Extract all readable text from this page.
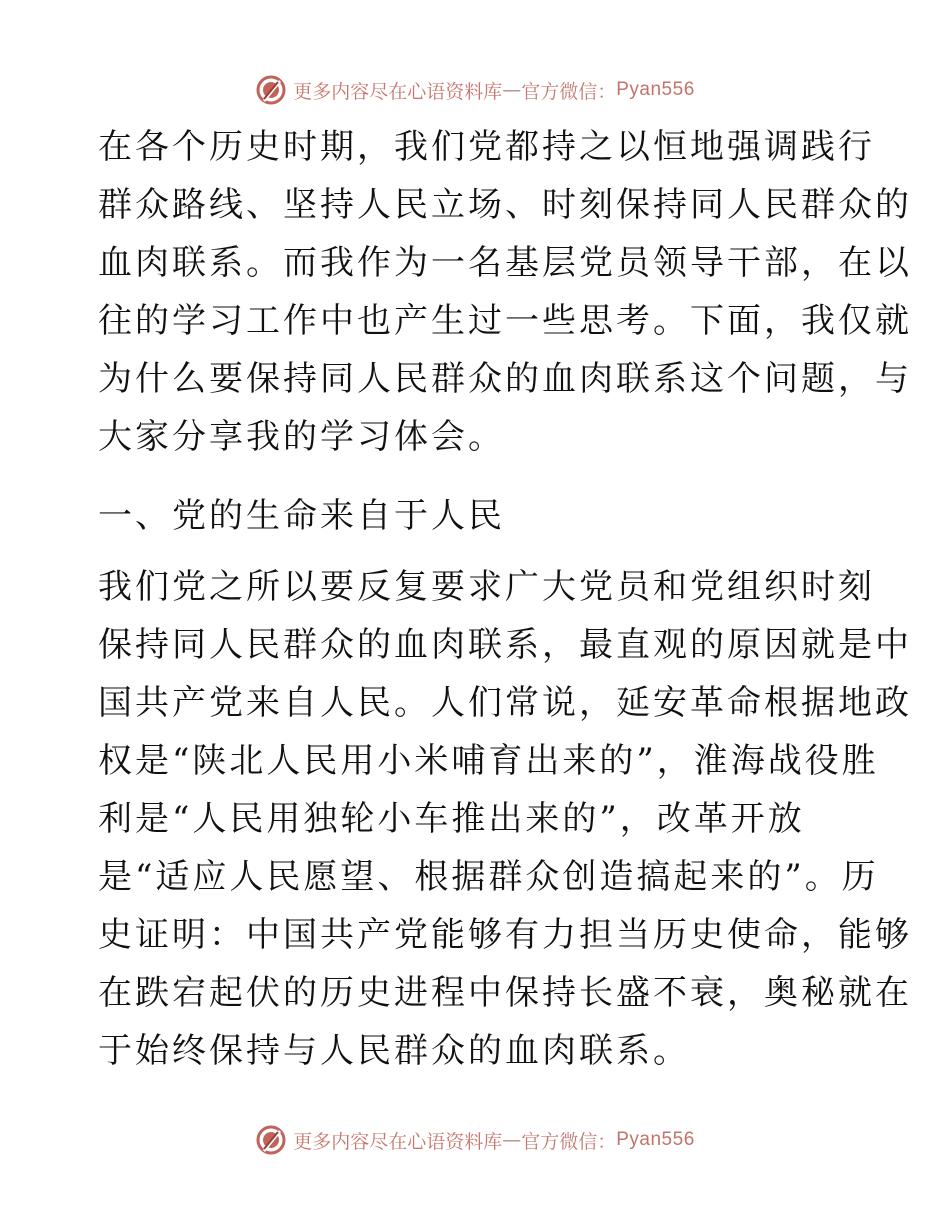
更多内容尽在心语资料库 — 官方微信： Pyan556
在各个历史时期，我们党都持之以恒地强调践行
群众路线、坚持人民立场、时刻保持同人民群众的
血肉联系。而我作为一名基层党员领导干部，在以
往的学习工作中也产生过一些思考。下面，我仅就
为什么要保持同人民群众的血肉联系这个问题，与
大家分享我的学习体会。
一、党的生命来自于人民
我们党之所以要反复要求广大党员和党组织时刻
保持同人民群众的血肉联系，最直观的原因就是中
国共产党来自人民。人们常说，延安革命根据地政
权是“陕北人民用小米哺育出来的”，淮海战役胜
利是“人民用独轮小车推出来的”，改革开放
是“适应人民愿望、根据群众创造搞起来的”。历
史证明：中国共产党能够有力担当历史使命，能够
在跌宕起伏的历史进程中保持长盛不衰，奥秘就在
于始终保持与人民群众的血肉联系。
更多内容尽在心语资料库 — 官方微信： Pyan556
